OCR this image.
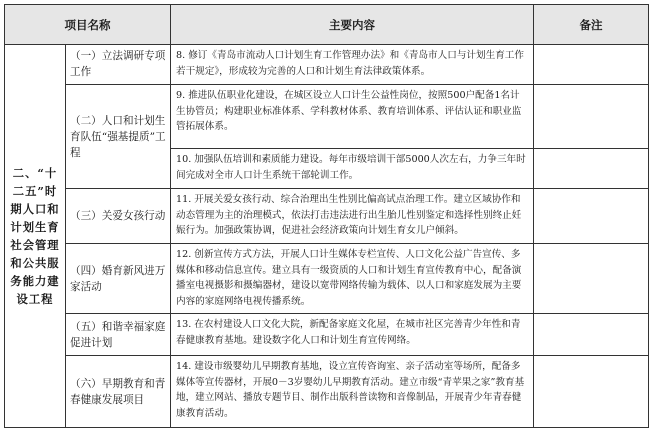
项目名称		主要内容	备注

二、“十二五”时期人口和计划生育社会管理和公共服务能力建设工程	（一）立法调研专项工作	8. 修订《青岛市流动人口计划生育工作管理办法》和《青岛市人口与计划生育工作若干规定》，形成较为完善的人口和计划生育法律政策体系。	
	（二）人口和计划生育队伍“强基提质”工程	9. 推进队伍职业化建设，在城区设立人口计生公益性岗位，按照500户配备1名计生协管员；构建职业标准体系、学科教材体系、教育培训体系、评估认证和职业监管拓展体系。	
		10. 加强队伍培训和素质能力建设。每年市级培训干部5000人次左右，力争三年时间完成对全市人口计生系统干部轮训工作。	
	（三）关爱女孩行动	11. 开展关爱女孩行动、综合治理出生性别比偏高试点治理工作。建立区域协作和动态管理为主的治理模式，依法打击违法进行出生胎儿性别鉴定和选择性别终止妊娠行为。加强政策协调，促进社会经济政策向计划生育女儿户倾斜。	
	（四）婚育新风进万家活动	12. 创新宣传方式方法，开展人口计生媒体专栏宣传、人口文化公益广告宣传、多媒体和移动信息宣传。建立具有一级资质的人口和计划生育宣传教育中心，配备演播室电视摄影和摄编器材，建设以宽带网络传输为载体、以人口和家庭发展为主要内容的家庭网络电视传播系统。	
	（五）和谐幸福家庭促进计划	13. 在农村建设人口文化大院，新配备家庭文化屋，在城市社区完善青少年性和青春健康教育基地。建设数字化人口和计划生育宣传网络。	
	（六）早期教育和青春健康发展项目	14. 建设市级婴幼儿早期教育基地，设立宣传咨询室、亲子活动室等场所，配备多媒体等宣传器材，开展0－3岁婴幼儿早期教育活动。建立市级“青苹果之家”教育基地，建立网站、播放专题节目、制作出版科普读物和音像制品，开展青少年青春健康教育活动。	
